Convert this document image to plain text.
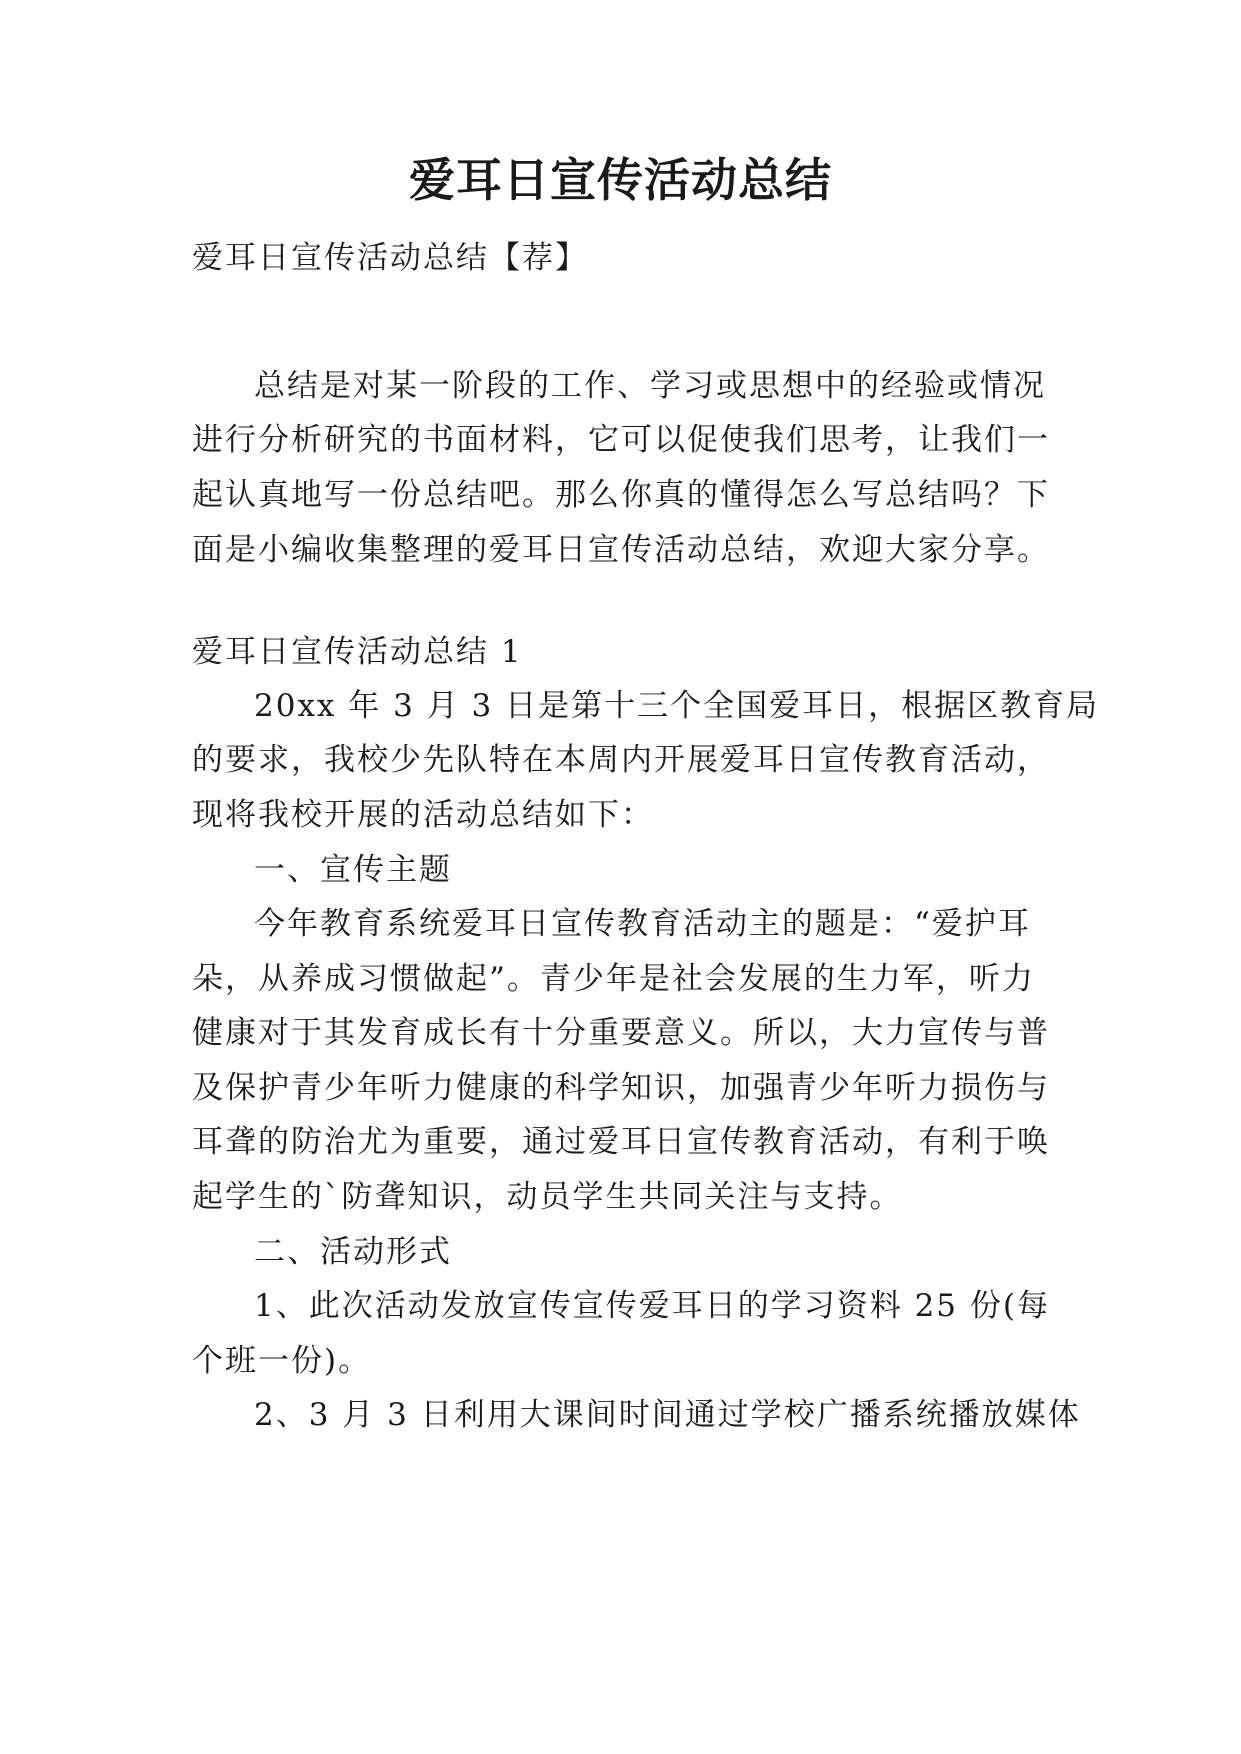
爱耳日宣传活动总结
爱耳日宣传活动总结【荐】
总结是对某一阶段的工作、学习或思想中的经验或情况
进行分析研究的书面材料，它可以促使我们思考，让我们一
起认真地写一份总结吧。那么你真的懂得怎么写总结吗？下
面是小编收集整理的爱耳日宣传活动总结，欢迎大家分享。
爱耳日宣传活动总结 1
20xx 年 3 月 3 日是第十三个全国爱耳日，根据区教育局
的要求，我校少先队特在本周内开展爱耳日宣传教育活动，
现将我校开展的活动总结如下：
一、宣传主题
今年教育系统爱耳日宣传教育活动主的题是：“爱护耳
朵，从养成习惯做起”。青少年是社会发展的生力军，听力
健康对于其发育成长有十分重要意义。所以，大力宣传与普
及保护青少年听力健康的科学知识，加强青少年听力损伤与
耳聋的防治尤为重要，通过爱耳日宣传教育活动，有利于唤
起学生的`防聋知识，动员学生共同关注与支持。
二、活动形式
1、此次活动发放宣传宣传爱耳日的学习资料 25 份(每
个班一份)。
2、3 月 3 日利用大课间时间通过学校广播系统播放媒体
